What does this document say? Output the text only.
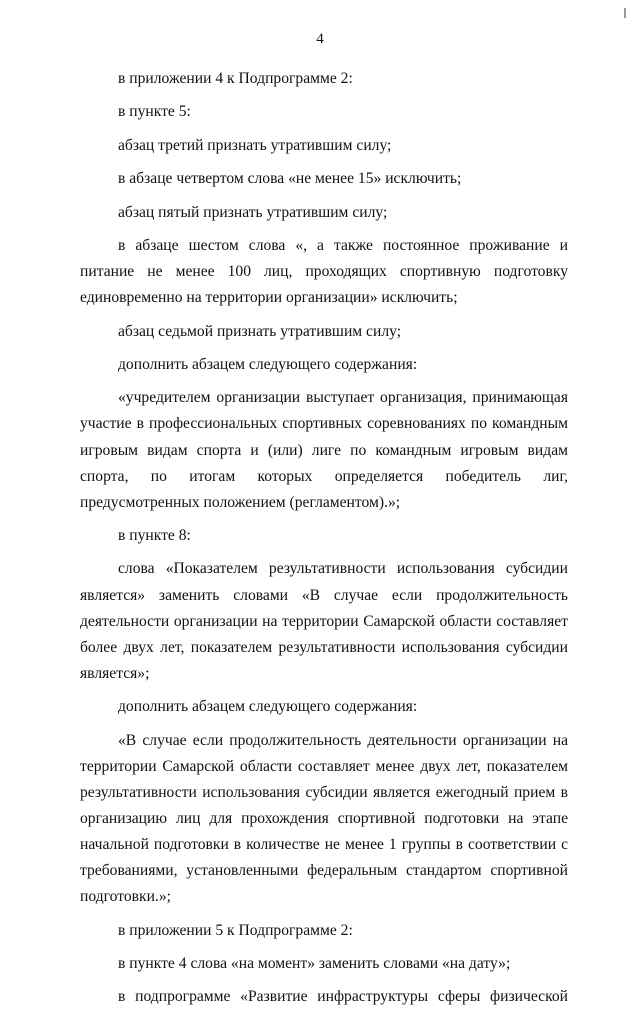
4

в приложении 4 к Подпрограмме 2:

в пункте 5:

абзац третий признать утратившим силу;

в абзаце четвертом слова «не менее 15» исключить;

абзац пятый признать утратившим силу;

в абзаце шестом слова «, а также постоянное проживание и питание не менее 100 лиц, проходящих спортивную подготовку единовременно на территории организации» исключить;

абзац седьмой признать утратившим силу;

дополнить абзацем следующего содержания:

«учредителем организации выступает организация, принимающая участие в профессиональных спортивных соревнованиях по командным игровым видам спорта и (или) лиге по командным игровым видам спорта, по итогам которых определяется победитель лиг, предусмотренных положением (регламентом).»;

в пункте 8:

слова «Показателем результативности использования субсидии является» заменить словами «В случае если продолжительность деятельности организации на территории Самарской области составляет более двух лет, показателем результативности использования субсидии является»;

дополнить абзацем следующего содержания:

«В случае если продолжительность деятельности организации на территории Самарской области составляет менее двух лет, показателем результативности использования субсидии является ежегодный прием в организацию лиц для прохождения спортивной подготовки на этапе начальной подготовки в количестве не менее 1 группы в соответствии с требованиями, установленными федеральным стандартом спортивной подготовки.»;

в приложении 5 к Подпрограмме 2:

в пункте 4 слова «на момент» заменить словами «на дату»;

в подпрограмме «Развитие инфраструктуры сферы физической
